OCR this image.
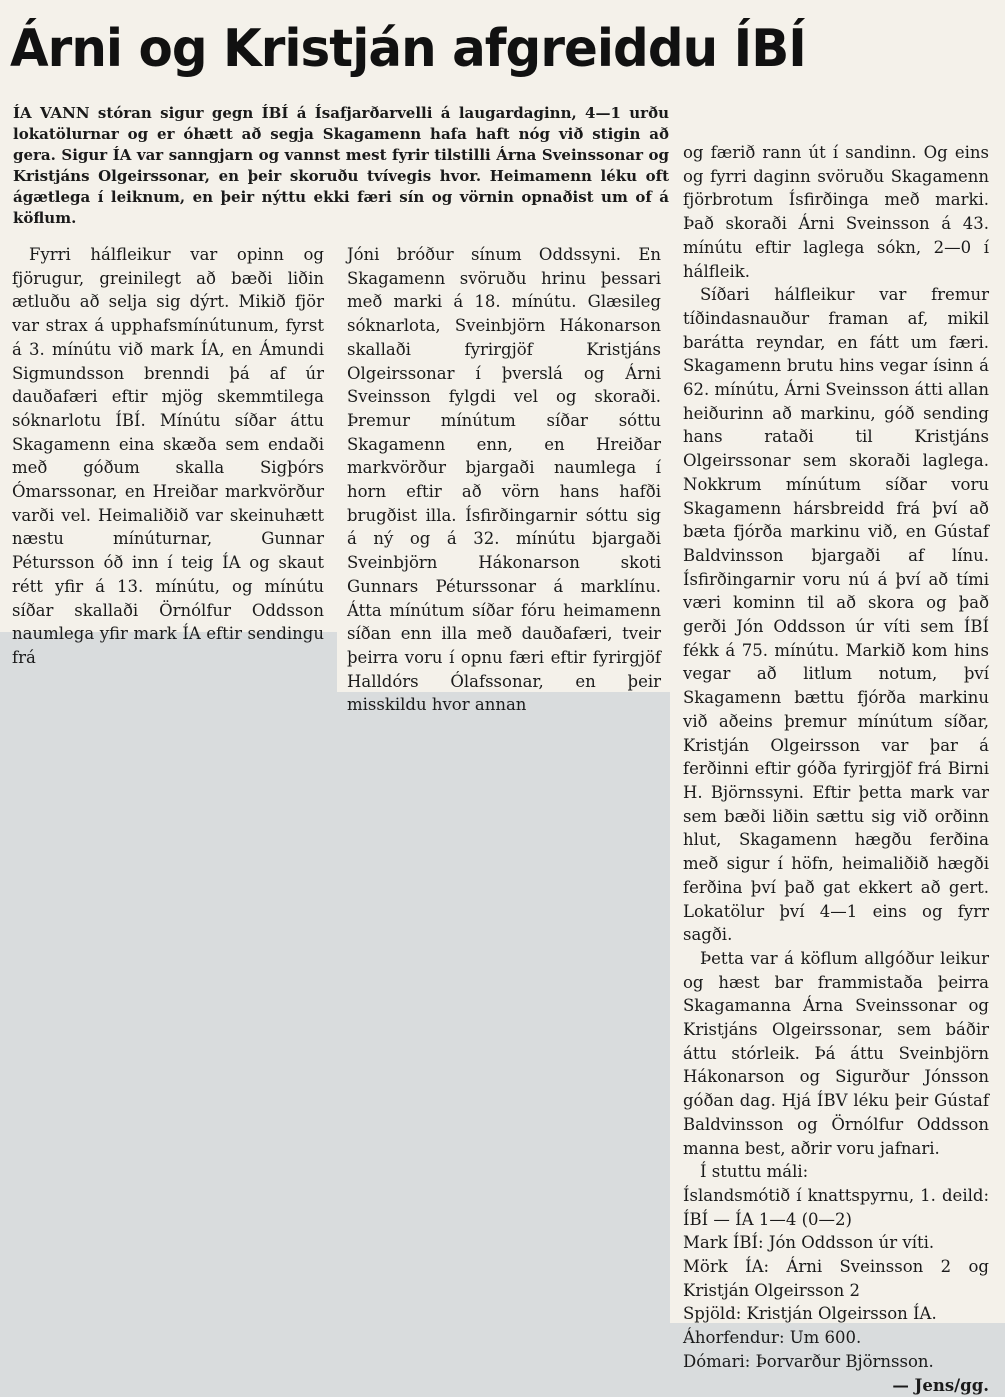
Árni og Kristján afgreiddu ÍBÍ
ÍA VANN stóran sigur gegn ÍBÍ á Ísafjarðarvelli á laugardaginn, 4—1 urðu lokatölurnar og er óhætt að segja Skagamenn hafa haft nóg við stigin að gera. Sigur ÍA var sanngjarn og vannst mest fyrir tilstilli Árna Sveinssonar og Kristjáns Olgeirssonar, en þeir skoruðu tvívegis hvor. Heimamenn léku oft ágætlega í leiknum, en þeir nýttu ekki færi sín og vörnin opnaðist um of á köflum.

Fyrri hálfleikur var opinn og fjörugur, greinilegt að bæði liðin ætluðu að selja sig dýrt. Mikið fjör var strax á upphafsmínútunum, fyrst á 3. mínútu við mark ÍA, en Ámundi Sigmundsson brenndi þá af úr dauðafæri eftir mjög skemmtilega sóknarlotu ÍBÍ. Mínútu síðar áttu Skagamenn eina skæða sem endaði með góðum skalla Sigþórs Ómarssonar, en Hreiðar markvörður varði vel. Heimaliðið var skeinuhætt næstu mínúturnar, Gunnar Pétursson óð inn í teig ÍA og skaut rétt yfir á 13. mínútu, og mínútu síðar skallaði Örnólfur Oddsson naumlega yfir mark ÍA eftir sendingu frá

Jóni bróður sínum Oddssyni. En Skagamenn svöruðu hrinu þessari með marki á 18. mínútu. Glæsileg sóknarlota, Sveinbjörn Hákonarson skallaði fyrirgjöf Kristjáns Olgeirssonar í þverslá og Árni Sveinsson fylgdi vel og skoraði. Þremur mínútum síðar sóttu Skagamenn enn, en Hreiðar markvörður bjargaði naumlega í horn eftir að vörn hans hafði brugðist illa. Ísfirðingarnir sóttu sig á ný og á 32. mínútu bjargaði Sveinbjörn Hákonarson skoti Gunnars Péturssonar á marklínu. Átta mínútum síðar fóru heimamenn síðan enn illa með dauðafæri, tveir þeirra voru í opnu færi eftir fyrirgjöf Halldórs Ólafssonar, en þeir misskildu hvor annan

og færið rann út í sandinn. Og eins og fyrri daginn svöruðu Skagamenn fjörbrotum Ísfirðinga með marki. Það skoraði Árni Sveinsson á 43. mínútu eftir laglega sókn, 2—0 í hálfleik.

Síðari hálfleikur var fremur tíðindasnauður framan af, mikil barátta reyndar, en fátt um færi. Skagamenn brutu hins vegar ísinn á 62. mínútu, Árni Sveinsson átti allan heiðurinn að markinu, góð sending hans rataði til Kristjáns Olgeirssonar sem skoraði laglega. Nokkrum mínútum síðar voru Skagamenn hársbreidd frá því að bæta fjórða markinu við, en Gústaf Baldvinsson bjargaði af línu. Ísfirðingarnir voru nú á því að tími væri kominn til að skora og það gerði Jón Oddsson úr víti sem ÍBÍ fékk á 75. mínútu. Markið kom hins vegar að litlum notum, því Skagamenn bættu fjórða markinu við aðeins þremur mínútum síðar, Kristján Olgeirsson var þar á ferðinni eftir góða fyrirgjöf frá Birni H. Björnssyni. Eftir þetta mark var sem bæði liðin sættu sig við orðinn hlut, Skagamenn hægðu ferðina með sigur í höfn, heimaliðið hægði ferðina því það gat ekkert að gert. Lokatölur því 4—1 eins og fyrr sagði.

Þetta var á köflum allgóður leikur og hæst bar frammistaða þeirra Skagamanna Árna Sveinssonar og Kristjáns Olgeirssonar, sem báðir áttu stórleik. Þá áttu Sveinbjörn Hákonarson og Sigurður Jónsson góðan dag. Hjá ÍBV léku þeir Gústaf Baldvinsson og Örnólfur Oddsson manna best, aðrir voru jafnari.

Í stuttu máli:

Íslandsmótið í knattspyrnu, 1. deild: ÍBÍ — ÍA 1—4 (0—2)
Mark ÍBÍ: Jón Oddsson úr víti.
Mörk ÍA: Árni Sveinsson 2 og Kristján Olgeirsson 2
Spjöld: Kristján Olgeirsson ÍA.
Áhorfendur: Um 600.
Dómari: Þorvarður Björnsson.
— Jens/gg.
